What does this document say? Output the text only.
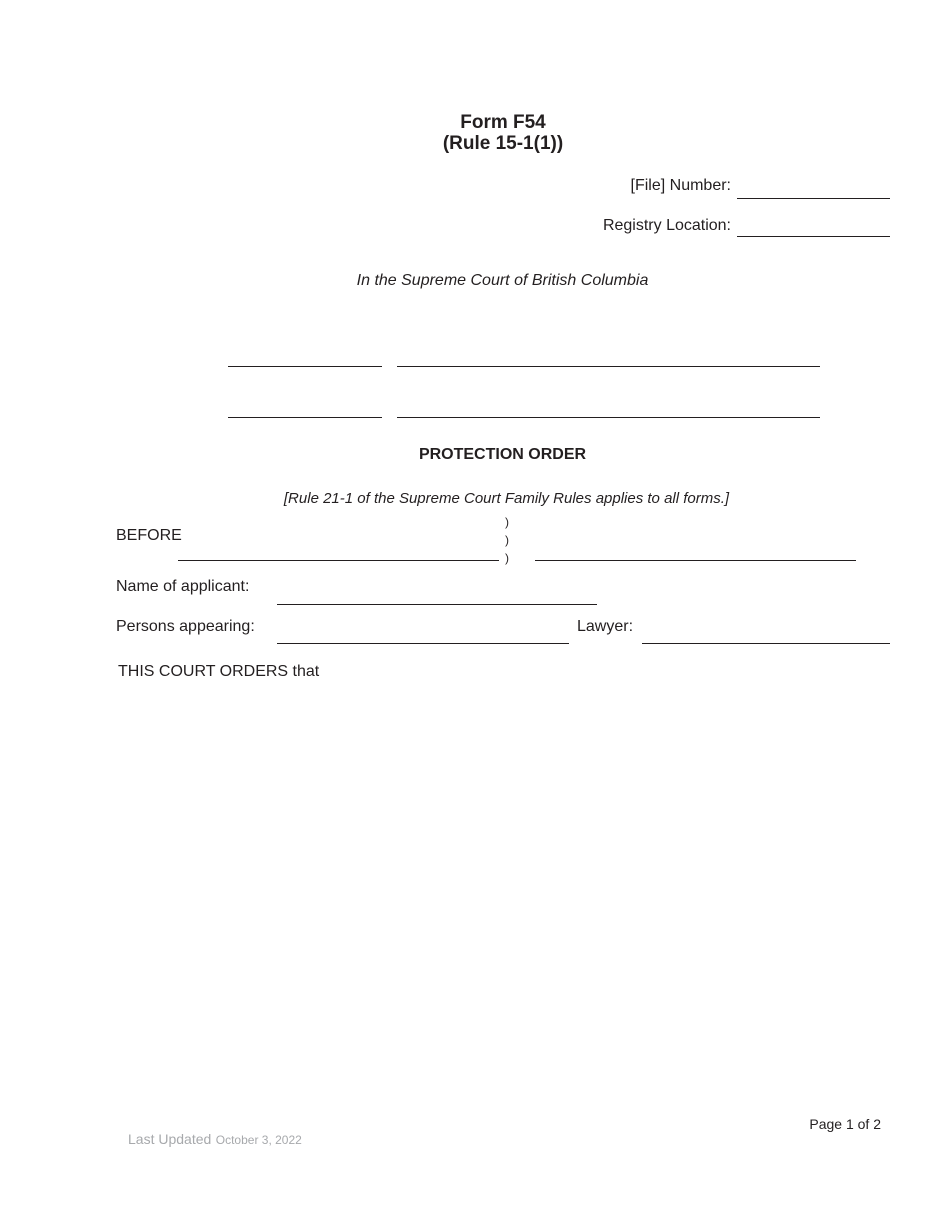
Form F54
(Rule 15-1(1))
[File] Number:
Registry Location:
In the Supreme Court of British Columbia
PROTECTION ORDER
[Rule 21-1 of the Supreme Court Family Rules applies to all forms.]
BEFORE
)
)
)
Name of applicant:
Persons appearing:	Lawyer:
THIS COURT ORDERS that
Page 1 of 2
Last Updated October 3, 2022
